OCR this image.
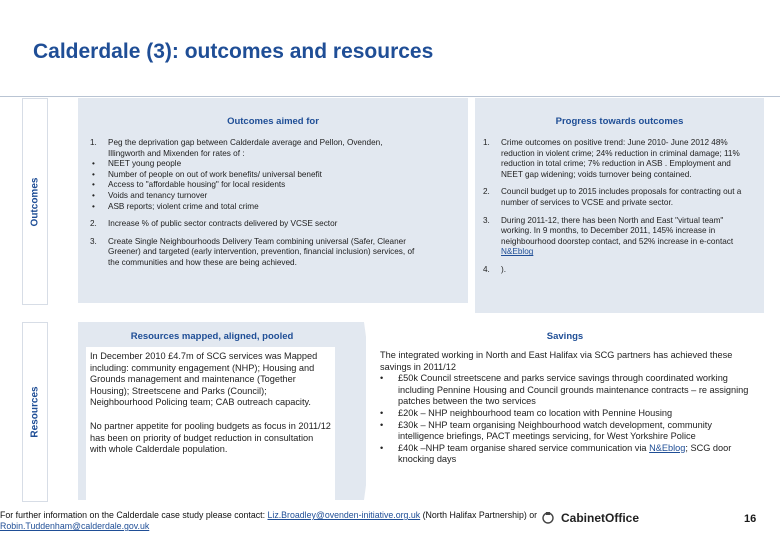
Calderdale (3): outcomes and resources
Outcomes
Outcomes aimed for
1. Peg the deprivation gap between Calderdale average and Pellon, Ovenden, Illingworth and Mixenden for rates of :
• NEET young people
• Number of people on out of work benefits/ universal benefit
• Access to "affordable housing" for local residents
• Voids and tenancy turnover
• ASB reports; violent crime and total crime
2. Increase % of public sector contracts delivered by VCSE sector
3. Create Single Neighbourhoods Delivery Team combining universal (Safer, Cleaner Greener) and targeted (early intervention, prevention, financial inclusion) services, of the communities and how these are being achieved.
Progress towards outcomes
1. Crime outcomes on positive trend: June 2010- June 2012 48% reduction in violent crime; 24% reduction in criminal damage; 11% reduction in total crime; 7% reduction in ASB . Employment and NEET gap widening; voids turnover being contained.
2. Council budget up to 2015 includes proposals for contracting out a number of services to VCSE and private sector.
3. During 2011-12, there has been North and East "virtual team" working. In 9 months, to December 2011, 145% increase in neighbourhood doorstep contact, and 52% increase in e-contact N&Eblog
4. ).
Resources
Resources mapped, aligned, pooled
In December 2010 £4.7m of SCG services was Mapped including: community engagement (NHP); Housing and Grounds management and maintenance (Together Housing); Streetscene and Parks (Council); Neighbourhood Policing team; CAB outreach capacity.
No partner appetite for pooling budgets as focus in 2011/12 has been on priority of budget reduction in consultation with whole Calderdale population.
Savings
The integrated working in North and East Halifax via SCG partners has achieved these savings in 2011/12
• £50k Council streetscene and parks service savings through coordinated working including Pennine Housing and Council grounds maintenance contracts – re assigning patches between the two services
• £20k – NHP neighbourhood team co location with Pennine Housing
• £30k – NHP team organising Neighbourhood watch development, community intelligence briefings, PACT meetings servicing, for West Yorkshire Police
• £40k –NHP team organise shared service communication via N&Eblog; SCG door knocking days
For further information on the Calderdale case study please contact: Liz.Broadley@ovenden-initiative.org.uk (North Halifax Partnership) or Robin.Tuddenham@calderdale.gov.uk
CabinetOffice	16
